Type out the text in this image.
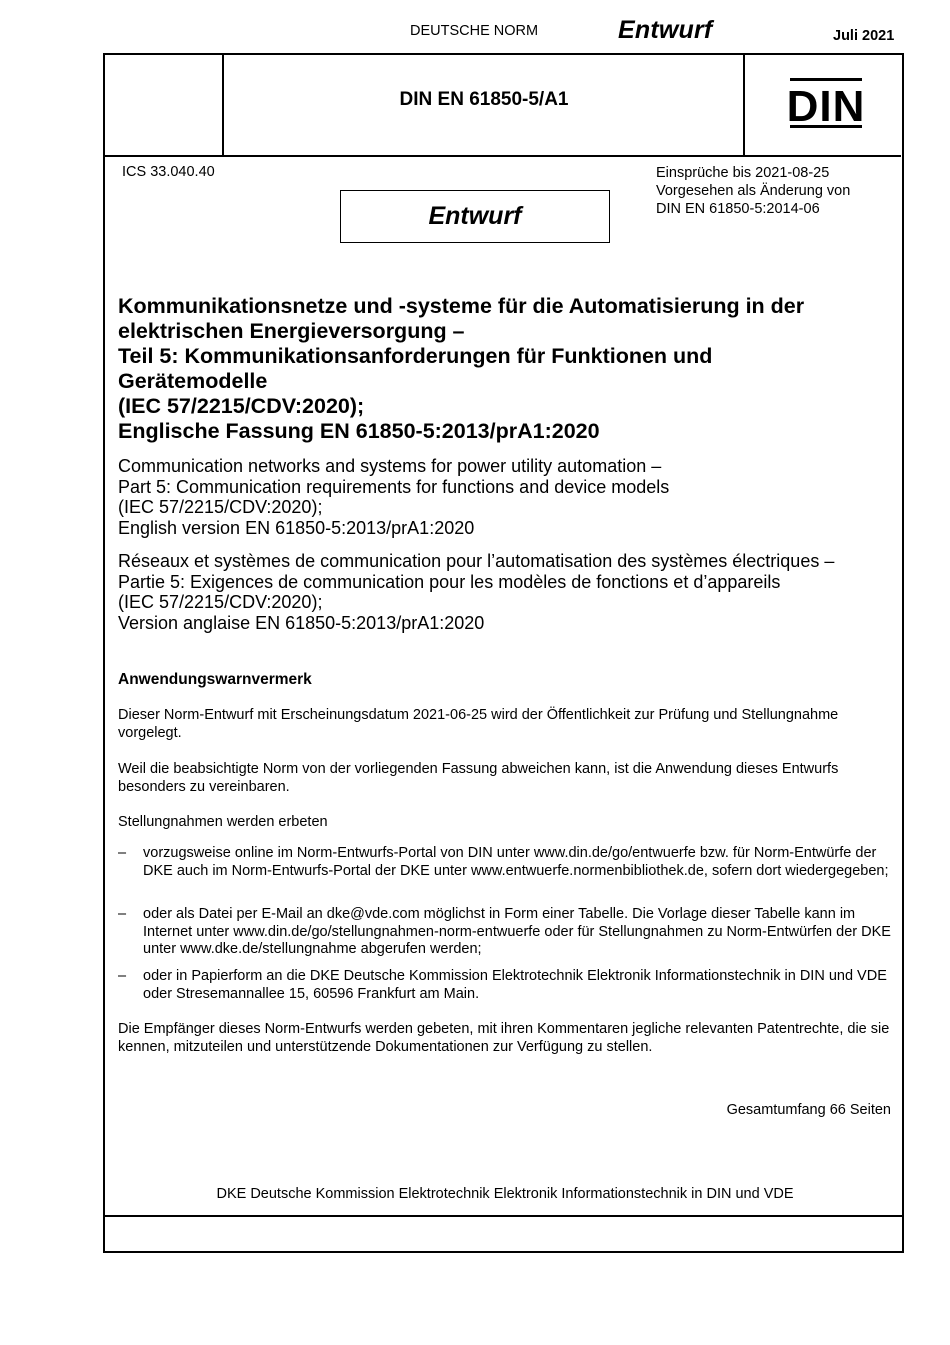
DEUTSCHE NORM	Entwurf	Juli 2021
DIN EN 61850-5/A1	DIN
ICS 33.040.40	Einsprüche bis 2021-08-25
Vorgesehen als Änderung von
DIN EN 61850-5:2014-06
Entwurf
Kommunikationsnetze und -systeme für die Automatisierung in der
elektrischen Energieversorgung –
Teil 5: Kommunikationsanforderungen für Funktionen und
Gerätemodelle
(IEC 57/2215/CDV:2020);
Englische Fassung EN 61850-5:2013/prA1:2020
Communication networks and systems for power utility automation –
Part 5: Communication requirements for functions and device models
(IEC 57/2215/CDV:2020);
English version EN 61850-5:2013/prA1:2020
Réseaux et systèmes de communication pour l’automatisation des systèmes électriques –
Partie 5: Exigences de communication pour les modèles de fonctions et d’appareils
(IEC 57/2215/CDV:2020);
Version anglaise EN 61850-5:2013/prA1:2020
Anwendungswarnvermerk
Dieser Norm-Entwurf mit Erscheinungsdatum 2021-06-25 wird der Öffentlichkeit zur Prüfung und Stellungnahme vorgelegt.
Weil die beabsichtigte Norm von der vorliegenden Fassung abweichen kann, ist die Anwendung dieses Entwurfs besonders zu vereinbaren.
Stellungnahmen werden erbeten
– vorzugsweise online im Norm-Entwurfs-Portal von DIN unter www.din.de/go/entwuerfe bzw. für Norm-Entwürfe der DKE auch im Norm-Entwurfs-Portal der DKE unter www.entwuerfe.normenbibliothek.de, sofern dort wiedergegeben;
– oder als Datei per E-Mail an dke@vde.com möglichst in Form einer Tabelle. Die Vorlage dieser Tabelle kann im Internet unter www.din.de/go/stellungnahmen-norm-entwuerfe oder für Stellungnahmen zu Norm-Entwürfen der DKE unter www.dke.de/stellungnahme abgerufen werden;
– oder in Papierform an die DKE Deutsche Kommission Elektrotechnik Elektronik Informationstechnik in DIN und VDE oder Stresemannallee 15, 60596 Frankfurt am Main.
Die Empfänger dieses Norm-Entwurfs werden gebeten, mit ihren Kommentaren jegliche relevanten Patentrechte, die sie kennen, mitzuteilen und unterstützende Dokumentationen zur Verfügung zu stellen.
Gesamtumfang 66 Seiten
DKE Deutsche Kommission Elektrotechnik Elektronik Informationstechnik in DIN und VDE
